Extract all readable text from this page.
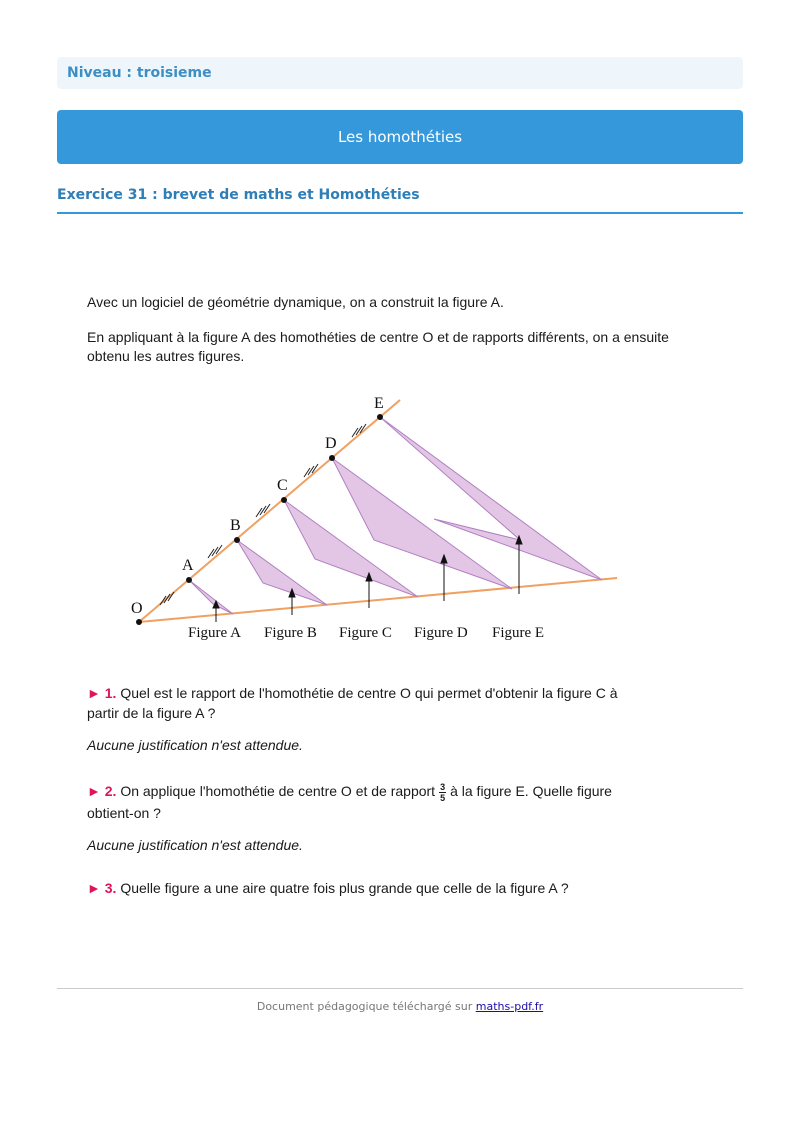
Niveau : troisieme
Les homothéties
Exercice 31 : brevet de maths et Homothéties
Avec un logiciel de géométrie dynamique, on a construit la figure A.
En appliquant à la figure A des homothéties de centre O et de rapports différents, on a ensuite obtenu les autres figures.
O
A
B
C
D
E
Figure A Figure B Figure C Figure D Figure E
► 1. Quel est le rapport de l'homothétie de centre O qui permet d'obtenir la figure C à partir de la figure A ?
Aucune justification n'est attendue.
► 2. On applique l'homothétie de centre O et de rapport $\frac{3}{5}$ à la figure E. Quelle figure obtient-on ?
Aucune justification n'est attendue.
► 3. Quelle figure a une aire quatre fois plus grande que celle de la figure A ?
Document pédagogique téléchargé sur maths-pdf.fr
